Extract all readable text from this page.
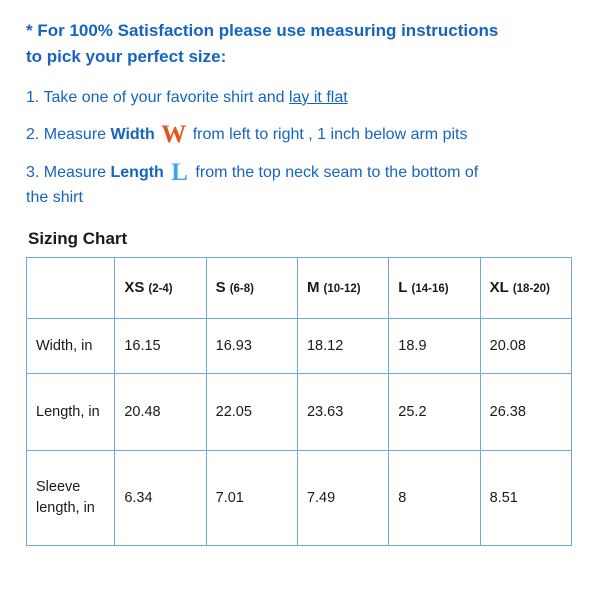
* For 100% Satisfaction please use measuring instructions
to pick your perfect size:
1. Take one of your favorite shirt and lay it flat
2. Measure Width W from left to right , 1 inch below arm pits
3. Measure Length L from the top neck seam to the bottom of
the shirt
Sizing Chart
	XS (2-4)	S (6-8)	M (10-12)	L (14-16)	XL (18-20)
Width, in	16.15	16.93	18.12	18.9	20.08
Length, in	20.48	22.05	23.63	25.2	26.38
Sleeve length, in	6.34	7.01	7.49	8	8.51
